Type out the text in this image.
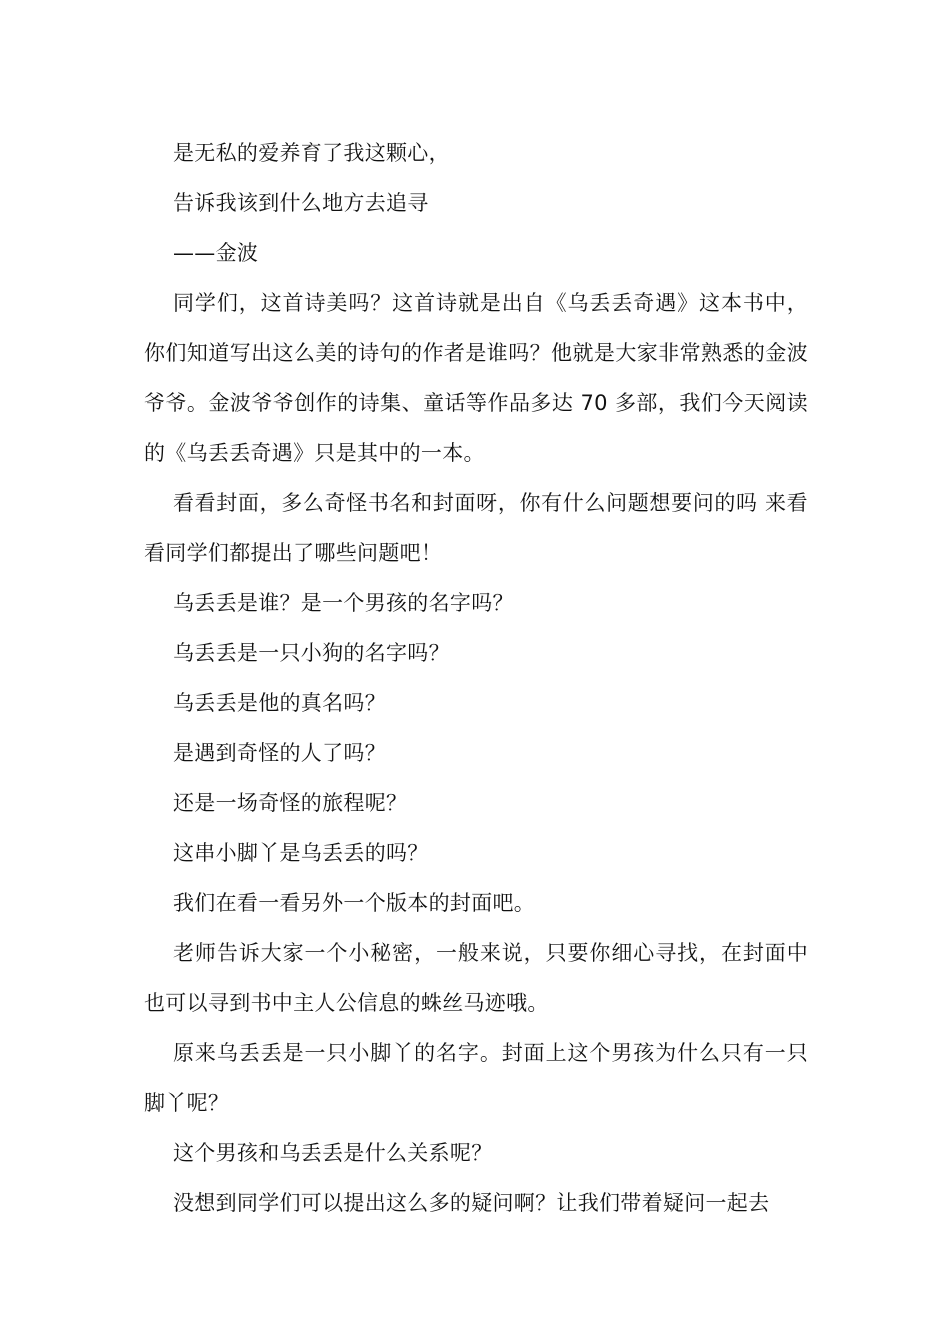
是无私的爱养育了我这颗心，

告诉我该到什么地方去追寻

——金波

同学们，这首诗美吗？这首诗就是出自《乌丢丢奇遇》这本书中，你们知道写出这么美的诗句的作者是谁吗？他就是大家非常熟悉的金波爷爷。金波爷爷创作的诗集、童话等作品多达 70 多部，我们今天阅读的《乌丢丢奇遇》只是其中的一本。

看看封面，多么奇怪书名和封面呀，你有什么问题想要问的吗 来看看同学们都提出了哪些问题吧！

乌丢丢是谁？是一个男孩的名字吗？

乌丢丢是一只小狗的名字吗？

乌丢丢是他的真名吗？

是遇到奇怪的人了吗？

还是一场奇怪的旅程呢？

这串小脚丫是乌丢丢的吗？

我们在看一看另外一个版本的封面吧。

老师告诉大家一个小秘密，一般来说，只要你细心寻找，在封面中也可以寻到书中主人公信息的蛛丝马迹哦。

原来乌丢丢是一只小脚丫的名字。封面上这个男孩为什么只有一只脚丫呢？

这个男孩和乌丢丢是什么关系呢？

没想到同学们可以提出这么多的疑问啊？让我们带着疑问一起去
